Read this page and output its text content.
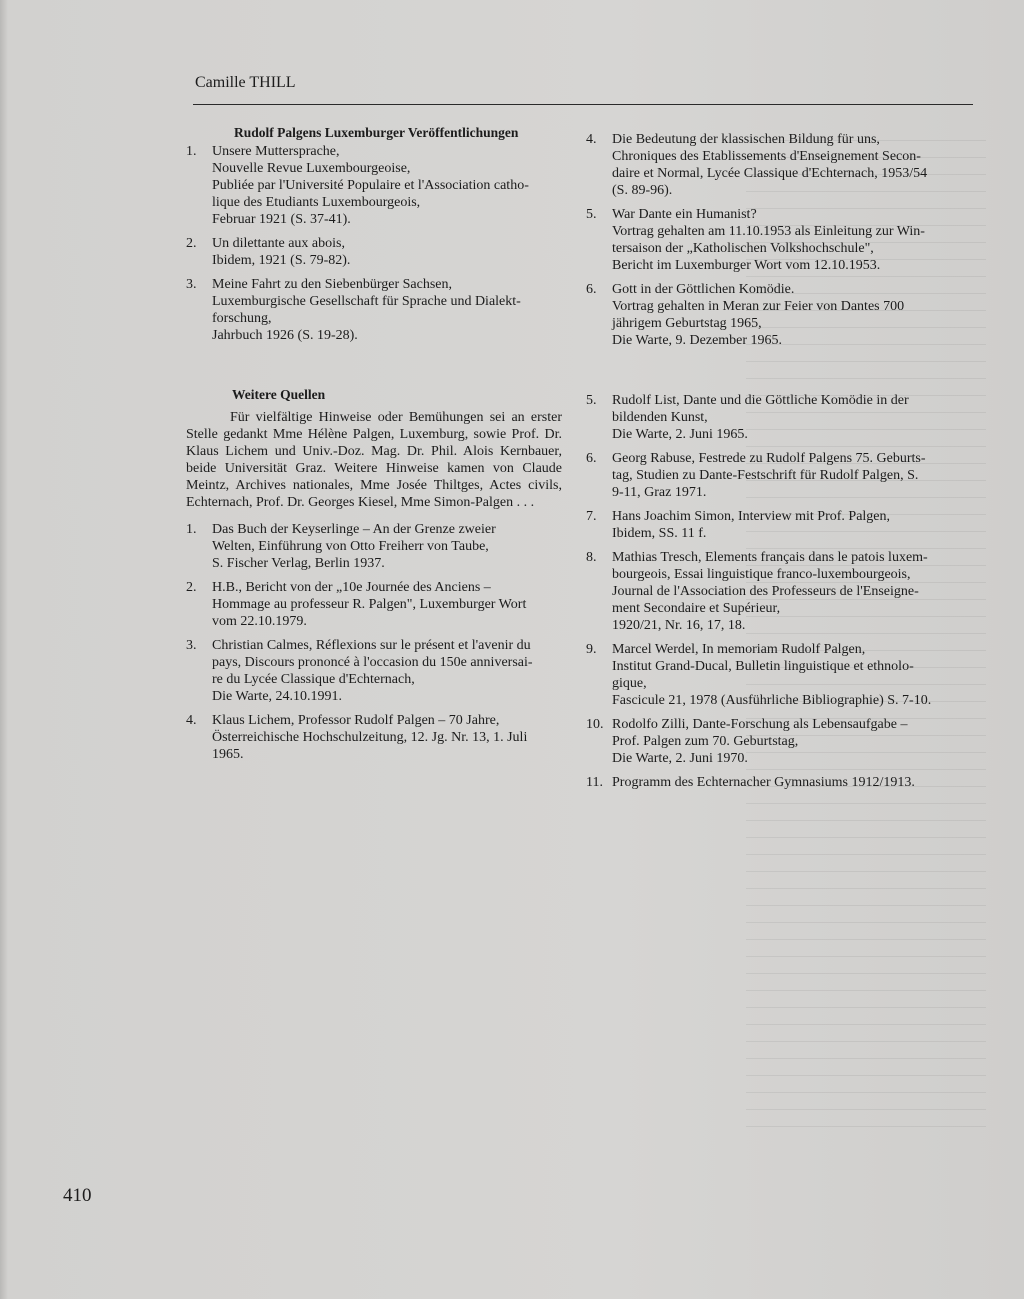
Camille THILL
Rudolf Palgens Luxemburger Veröffentlichungen
1.	Unsere Muttersprache,
Nouvelle Revue Luxembourgeoise,
Publiée par l'Université Populaire et l'Association catho-
lique des Etudiants Luxembourgeois,
Februar 1921 (S. 37-41).
2.	Un dilettante aux abois,
Ibidem, 1921 (S. 79-82).
3.	Meine Fahrt zu den Siebenbürger Sachsen,
Luxemburgische Gesellschaft für Sprache und Dialekt-
forschung,
Jahrbuch 1926 (S. 19-28).
Weitere Quellen
Für vielfältige Hinweise oder Bemühungen sei an erster Stelle gedankt Mme Hélène Palgen, Luxemburg, sowie Prof. Dr. Klaus Lichem und Univ.-Doz. Mag. Dr. Phil. Alois Kernbauer, beide Universität Graz. Weitere Hinweise kamen von Claude Meintz, Archives nationales, Mme Josée Thiltges, Actes civils, Echternach, Prof. Dr. Georges Kiesel, Mme Simon-Palgen . . .
1.	Das Buch der Keyserlinge – An der Grenze zweier
Welten, Einführung von Otto Freiherr von Taube,
S. Fischer Verlag, Berlin 1937.
2.	H.B., Bericht von der „10e Journée des Anciens –
Hommage au professeur R. Palgen", Luxemburger Wort
vom 22.10.1979.
3.	Christian Calmes, Réflexions sur le présent et l'avenir du
pays, Discours prononcé à l'occasion du 150e anniversai-
re du Lycée Classique d'Echternach,
Die Warte, 24.10.1991.
4.	Klaus Lichem, Professor Rudolf Palgen – 70 Jahre,
Österreichische Hochschulzeitung, 12. Jg. Nr. 13, 1. Juli
1965.
4.	Die Bedeutung der klassischen Bildung für uns,
Chroniques des Etablissements d'Enseignement Secon-
daire et Normal, Lycée Classique d'Echternach, 1953/54
(S. 89-96).
5.	War Dante ein Humanist?
Vortrag gehalten am 11.10.1953 als Einleitung zur Win-
tersaison der „Katholischen Volkshochschule",
Bericht im Luxemburger Wort vom 12.10.1953.
6.	Gott in der Göttlichen Komödie.
Vortrag gehalten in Meran zur Feier von Dantes 700
jährigem Geburtstag 1965,
Die Warte, 9. Dezember 1965.
5.	Rudolf List, Dante und die Göttliche Komödie in der
bildenden Kunst,
Die Warte, 2. Juni 1965.
6.	Georg Rabuse, Festrede zu Rudolf Palgens 75. Geburts-
tag, Studien zu Dante-Festschrift für Rudolf Palgen, S.
9-11, Graz 1971.
7.	Hans Joachim Simon, Interview mit Prof. Palgen,
Ibidem, SS. 11 f.
8.	Mathias Tresch, Elements français dans le patois luxem-
bourgeois, Essai linguistique franco-luxembourgeois,
Journal de l'Association des Professeurs de l'Enseigne-
ment Secondaire et Supérieur,
1920/21, Nr. 16, 17, 18.
9.	Marcel Werdel, In memoriam Rudolf Palgen,
Institut Grand-Ducal, Bulletin linguistique et ethnolo-
gique,
Fascicule 21, 1978 (Ausführliche Bibliographie) S. 7-10.
10. Rodolfo Zilli, Dante-Forschung als Lebensaufgabe –
Prof. Palgen zum 70. Geburtstag,
Die Warte, 2. Juni 1970.
11. Programm des Echternacher Gymnasiums 1912/1913.
410
